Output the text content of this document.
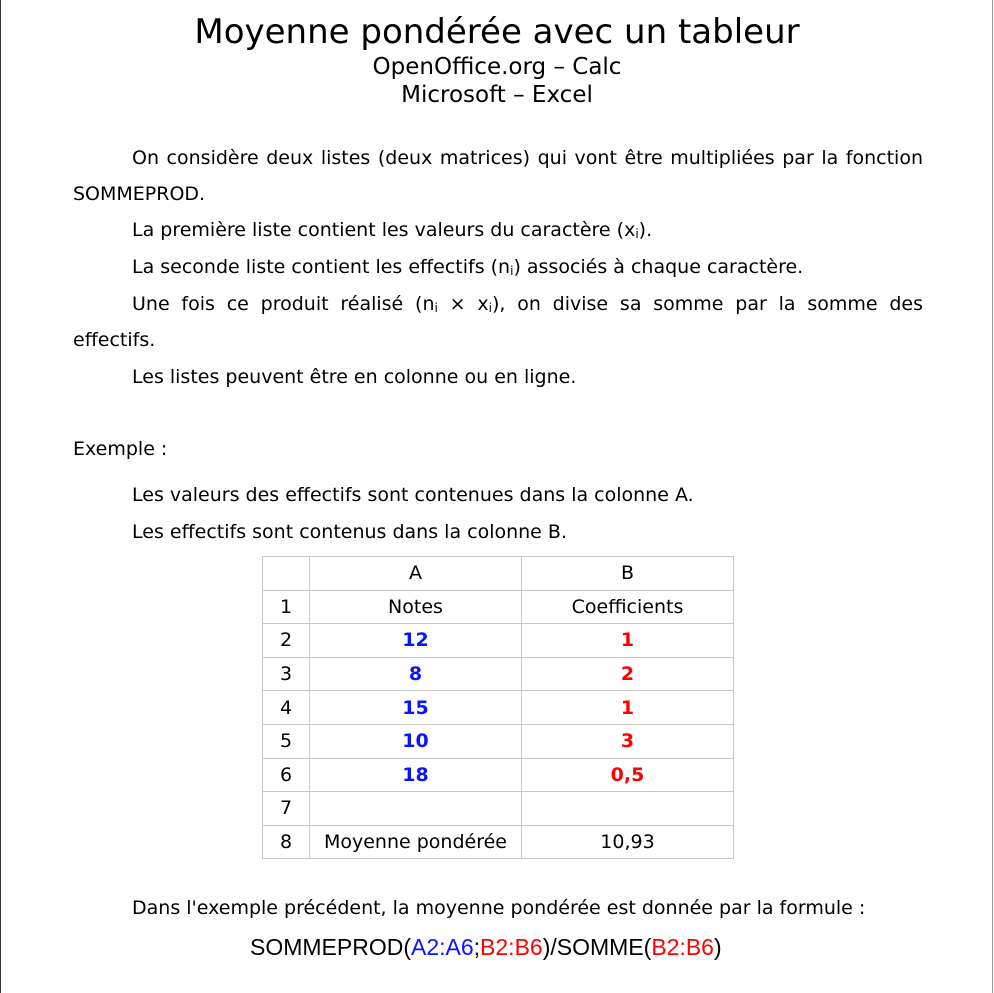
Moyenne pondérée avec un tableur
OpenOffice.org – Calc
Microsoft – Excel
On considère deux listes (deux matrices) qui vont être multipliées par la fonction SOMMEPROD.
La première liste contient les valeurs du caractère $(x_i)$.
La seconde liste contient les effectifs $(n_i)$ associés à chaque caractère.
Une fois ce produit réalisé $(n_i \times x_i)$, on divise sa somme par la somme des effectifs.
Les listes peuvent être en colonne ou en ligne.
Exemple :
Les valeurs des effectifs sont contenues dans la colonne A.
Les effectifs sont contenus dans la colonne B.
	A	B
1	Notes	Coefficients
2	12	1
3	8	2
4	15	1
5	10	3
6	18	0,5
7		
8	Moyenne pondérée	10,93
Dans l'exemple précédent, la moyenne pondérée est donnée par la formule :
SOMMEPROD(A2:A6;B2:B6)/SOMME(B2:B6)
